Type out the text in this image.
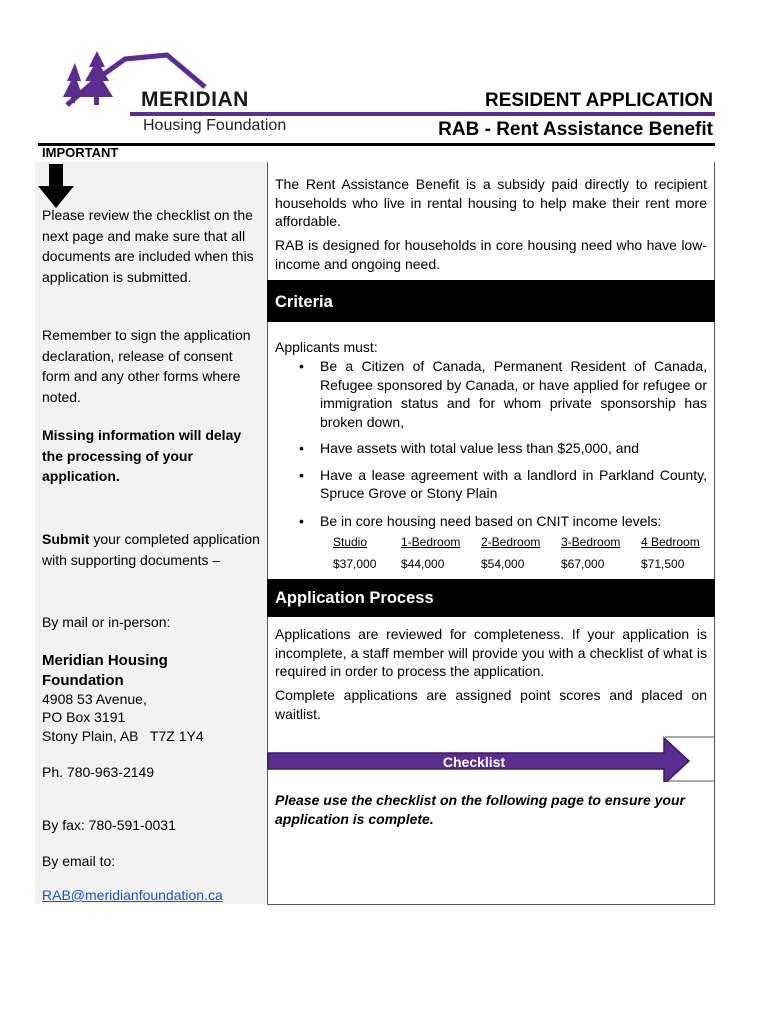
MERIDIAN
Housing Foundation
RESIDENT APPLICATION
RAB - Rent Assistance Benefit
IMPORTANT
Please review the checklist on the next page and make sure that all documents are included when this application is submitted.
Remember to sign the application declaration, release of consent form and any other forms where noted.
Missing information will delay the processing of your application.
Submit your completed application with supporting documents –
By mail or in-person:
Meridian Housing Foundation
4908 53 Avenue,
PO Box 3191
Stony Plain, AB   T7Z 1Y4
Ph. 780-963-2149
By fax: 780-591-0031
By email to:
RAB@meridianfoundation.ca
The Rent Assistance Benefit is a subsidy paid directly to recipient households who live in rental housing to help make their rent more affordable.
RAB is designed for households in core housing need who have low-income and ongoing need.
Criteria
Applicants must:
• Be a Citizen of Canada, Permanent Resident of Canada, Refugee sponsored by Canada, or have applied for refugee or immigration status and for whom private sponsorship has broken down,
• Have assets with total value less than $25,000, and
• Have a lease agreement with a landlord in Parkland County, Spruce Grove or Stony Plain
• Be in core housing need based on CNIT income levels:
Studio	1-Bedroom 2-Bedroom 3-Bedroom 4 Bedroom
$37,000 $44,000	$54,000	$67,000	$71,500
Application Process
Applications are reviewed for completeness. If your application is incomplete, a staff member will provide you with a checklist of what is required in order to process the application.
Complete applications are assigned point scores and placed on waitlist.
Checklist
Please use the checklist on the following page to ensure your application is complete.
